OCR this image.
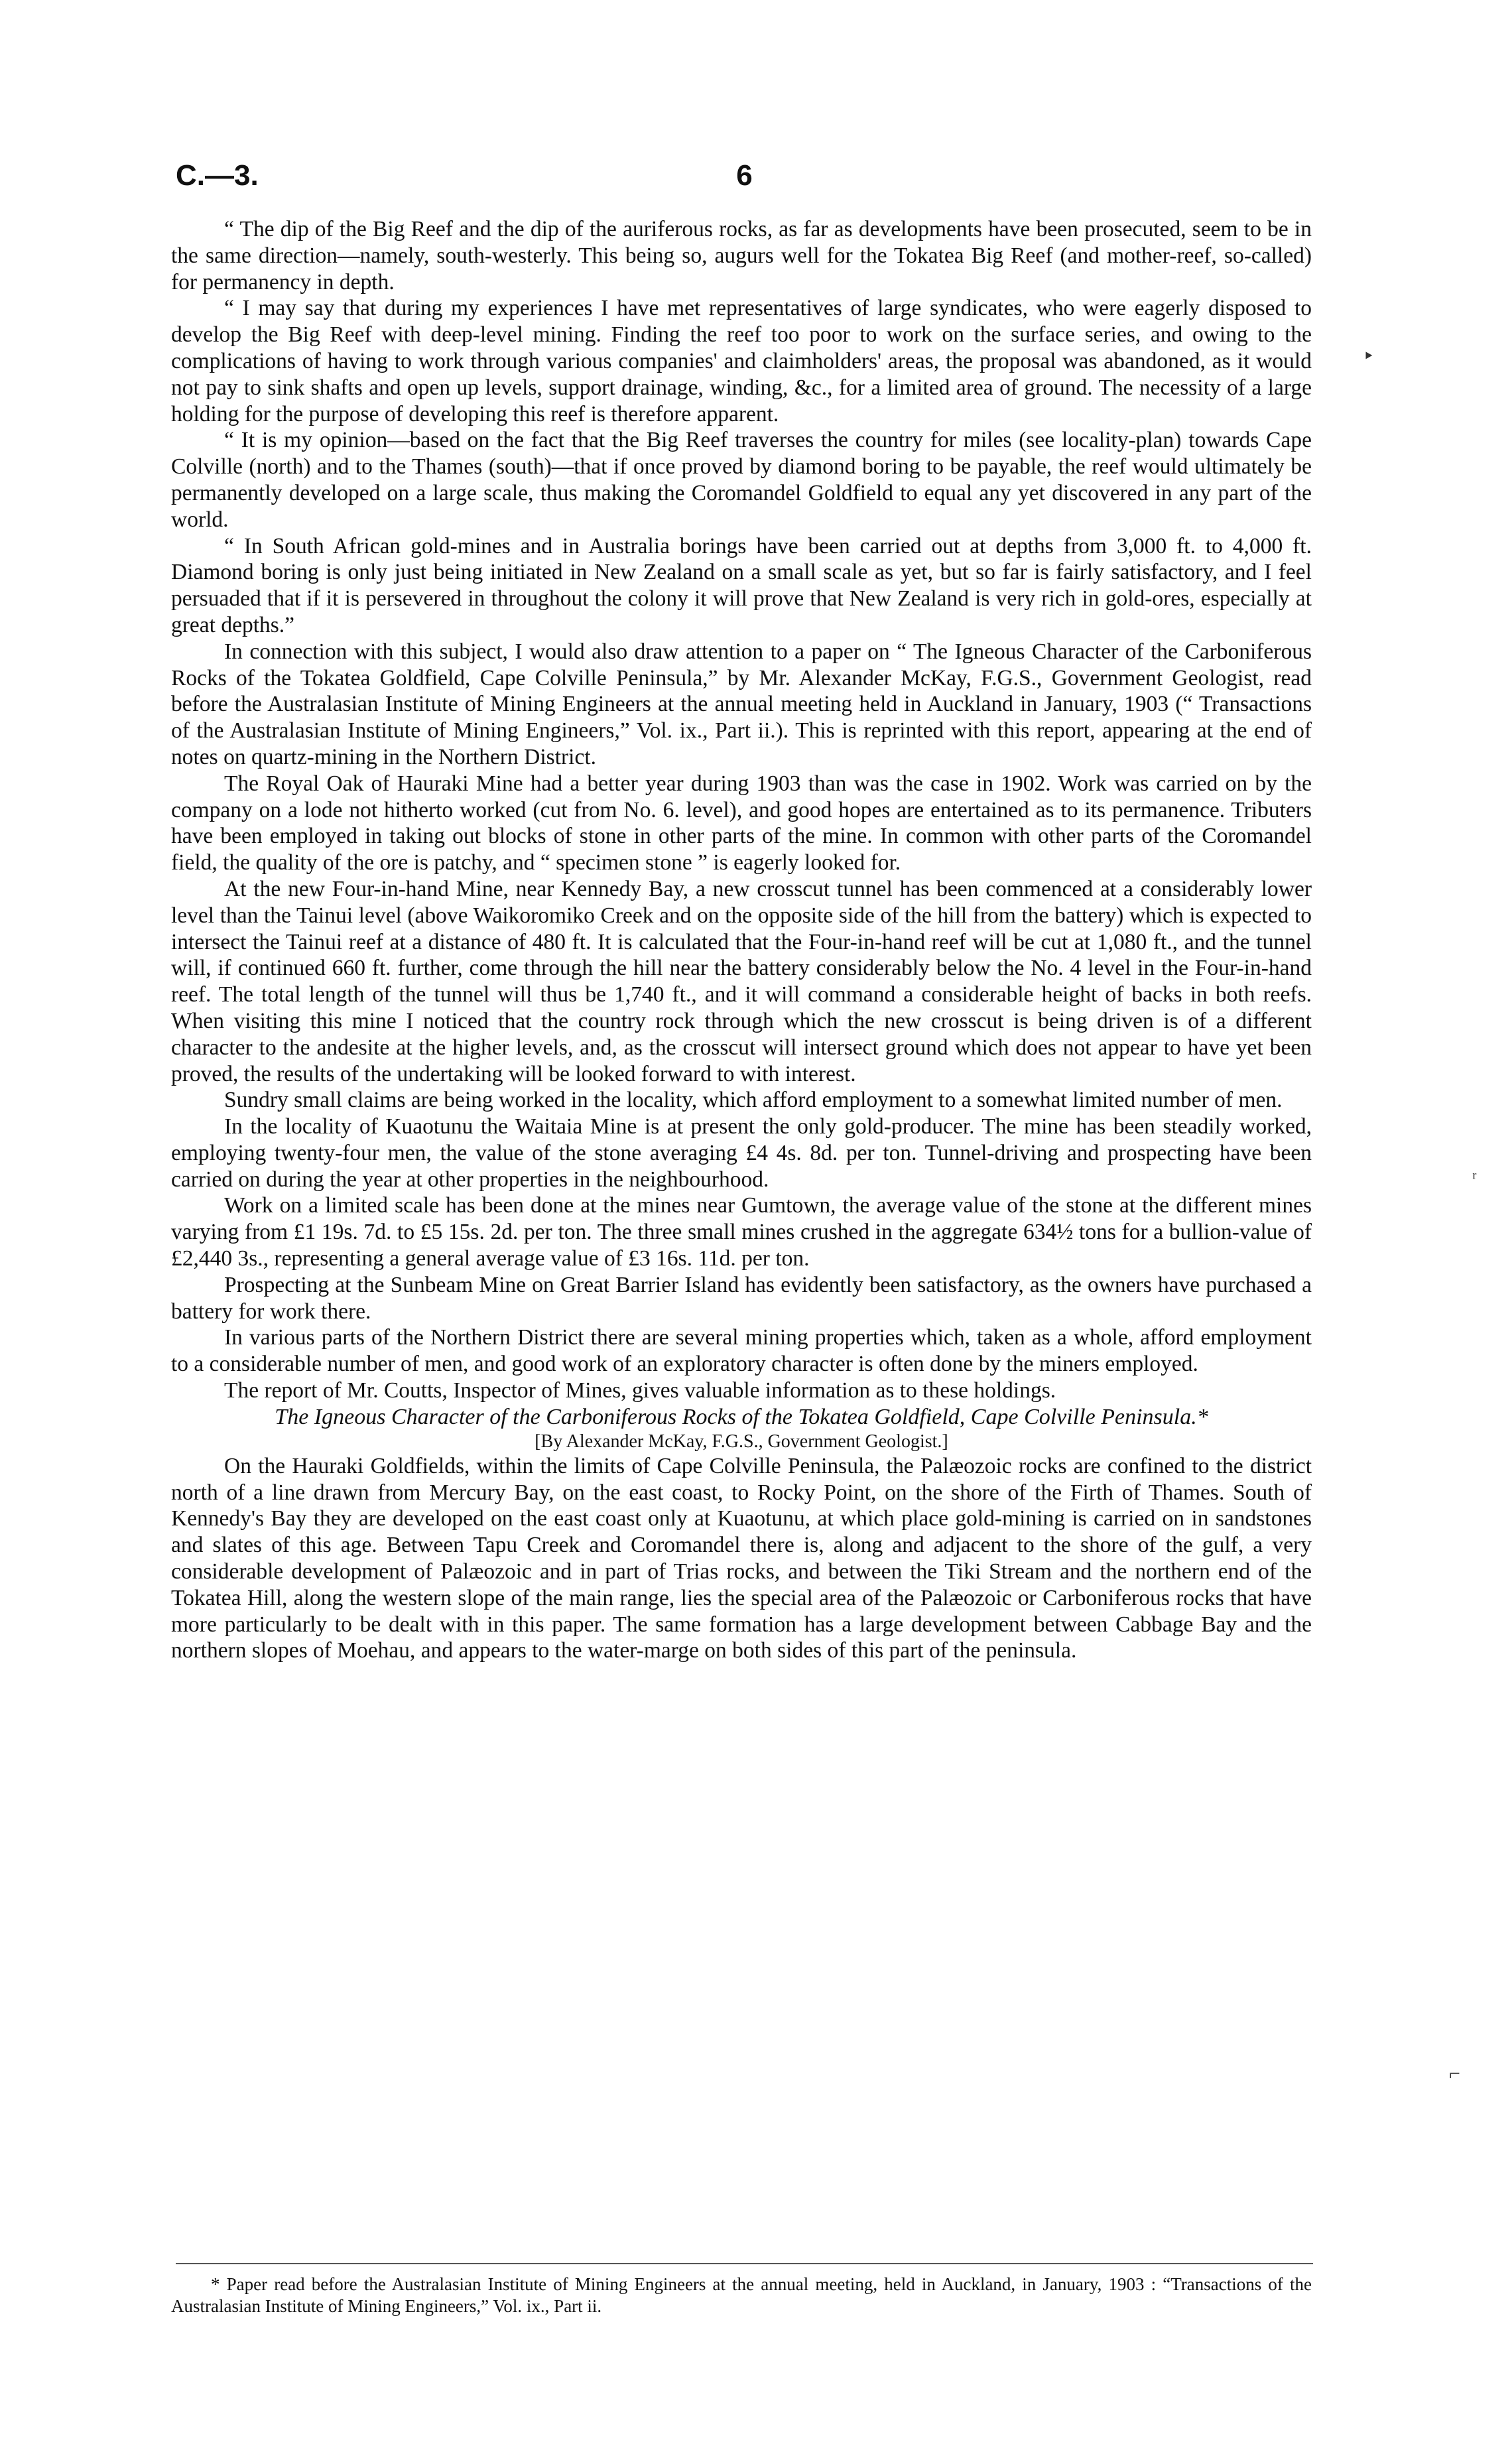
C.—3.	6

“ The dip of the Big Reef and the dip of the auriferous rocks, as far as developments have been prosecuted, seem to be in the same direction—namely, south-westerly. This being so, augurs well for the Tokatea Big Reef (and mother-reef, so-called) for permanency in depth.

“ I may say that during my experiences I have met representatives of large syndicates, who were eagerly disposed to develop the Big Reef with deep-level mining. Finding the reef too poor to work on the surface series, and owing to the complications of having to work through various companies' and claimholders' areas, the proposal was abandoned, as it would not pay to sink shafts and open up levels, support drainage, winding, &c., for a limited area of ground. The necessity of a large holding for the purpose of developing this reef is therefore apparent.

“ It is my opinion—based on the fact that the Big Reef traverses the country for miles (see locality-plan) towards Cape Colville (north) and to the Thames (south)—that if once proved by diamond boring to be payable, the reef would ultimately be permanently developed on a large scale, thus making the Coromandel Goldfield to equal any yet discovered in any part of the world.

“ In South African gold-mines and in Australia borings have been carried out at depths from 3,000 ft. to 4,000 ft. Diamond boring is only just being initiated in New Zealand on a small scale as yet, but so far is fairly satisfactory, and I feel persuaded that if it is persevered in throughout the colony it will prove that New Zealand is very rich in gold-ores, especially at great depths.”

In connection with this subject, I would also draw attention to a paper on “ The Igneous Character of the Carboniferous Rocks of the Tokatea Goldfield, Cape Colville Peninsula,” by Mr. Alexander McKay, F.G.S., Government Geologist, read before the Australasian Institute of Mining Engineers at the annual meeting held in Auckland in January, 1903 (“ Transactions of the Australasian Institute of Mining Engineers,” Vol. ix., Part ii.). This is reprinted with this report, appearing at the end of notes on quartz-mining in the Northern District.

The Royal Oak of Hauraki Mine had a better year during 1903 than was the case in 1902. Work was carried on by the company on a lode not hitherto worked (cut from No. 6. level), and good hopes are entertained as to its permanence. Tributers have been employed in taking out blocks of stone in other parts of the mine. In common with other parts of the Coromandel field, the quality of the ore is patchy, and “ specimen stone ” is eagerly looked for.

At the new Four-in-hand Mine, near Kennedy Bay, a new crosscut tunnel has been commenced at a considerably lower level than the Tainui level (above Waikoromiko Creek and on the opposite side of the hill from the battery) which is expected to intersect the Tainui reef at a distance of 480 ft. It is calculated that the Four-in-hand reef will be cut at 1,080 ft., and the tunnel will, if continued 660 ft. further, come through the hill near the battery considerably below the No. 4 level in the Four-in-hand reef. The total length of the tunnel will thus be 1,740 ft., and it will command a considerable height of backs in both reefs. When visiting this mine I noticed that the country rock through which the new crosscut is being driven is of a different character to the andesite at the higher levels, and, as the crosscut will intersect ground which does not appear to have yet been proved, the results of the undertaking will be looked forward to with interest.

Sundry small claims are being worked in the locality, which afford employment to a somewhat limited number of men.

In the locality of Kuaotunu the Waitaia Mine is at present the only gold-producer. The mine has been steadily worked, employing twenty-four men, the value of the stone averaging £4 4s. 8d. per ton. Tunnel-driving and prospecting have been carried on during the year at other properties in the neighbourhood.

Work on a limited scale has been done at the mines near Gumtown, the average value of the stone at the different mines varying from £1 19s. 7d. to £5 15s. 2d. per ton. The three small mines crushed in the aggregate 634½ tons for a bullion-value of £2,440 3s., representing a general average value of £3 16s. 11d. per ton.

Prospecting at the Sunbeam Mine on Great Barrier Island has evidently been satisfactory, as the owners have purchased a battery for work there.

In various parts of the Northern District there are several mining properties which, taken as a whole, afford employment to a considerable number of men, and good work of an exploratory character is often done by the miners employed.

The report of Mr. Coutts, Inspector of Mines, gives valuable information as to these holdings.

The Igneous Character of the Carboniferous Rocks of the Tokatea Goldfield, Cape Colville Peninsula.*

[By Alexander McKay, F.G.S., Government Geologist.]

On the Hauraki Goldfields, within the limits of Cape Colville Peninsula, the Palæozoic rocks are confined to the district north of a line drawn from Mercury Bay, on the east coast, to Rocky Point, on the shore of the Firth of Thames. South of Kennedy's Bay they are developed on the east coast only at Kuaotunu, at which place gold-mining is carried on in sandstones and slates of this age. Between Tapu Creek and Coromandel there is, along and adjacent to the shore of the gulf, a very considerable development of Palæozoic and in part of Trias rocks, and between the Tiki Stream and the northern end of the Tokatea Hill, along the western slope of the main range, lies the special area of the Palæozoic or Carboniferous rocks that have more particularly to be dealt with in this paper. The same formation has a large development between Cabbage Bay and the northern slopes of Moehau, and appears to the water-marge on both sides of this part of the peninsula.

* Paper read before the Australasian Institute of Mining Engineers at the annual meeting, held in Auckland, in January, 1903 : “Transactions of the Australasian Institute of Mining Engineers,” Vol. ix., Part ii.
‣
ʳ
⌐
